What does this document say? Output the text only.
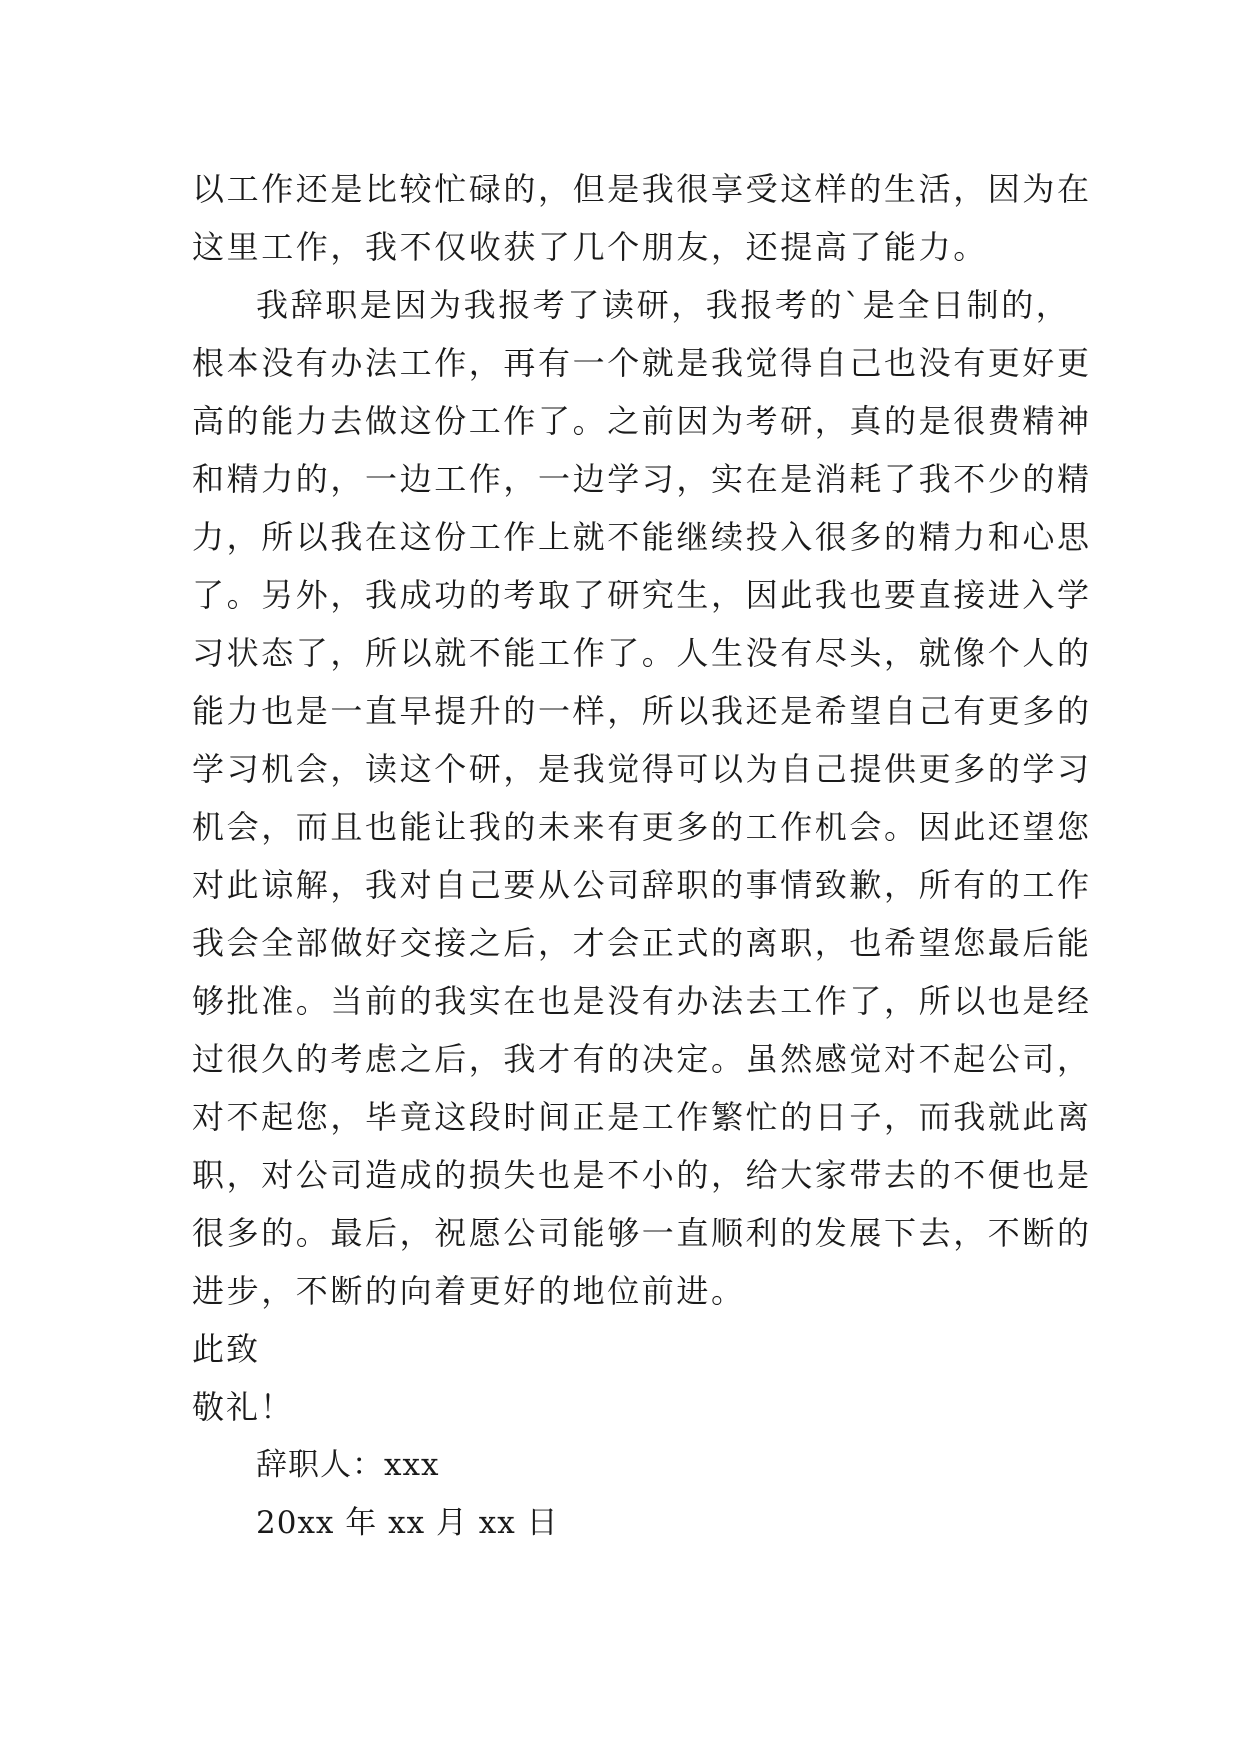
以工作还是比较忙碌的，但是我很享受这样的生活，因为在
这里工作，我不仅收获了几个朋友，还提高了能力。
我辞职是因为我报考了读研，我报考的`是全日制的，
根本没有办法工作，再有一个就是我觉得自己也没有更好更
高的能力去做这份工作了。之前因为考研，真的是很费精神
和精力的，一边工作，一边学习，实在是消耗了我不少的精
力，所以我在这份工作上就不能继续投入很多的精力和心思
了。另外，我成功的考取了研究生，因此我也要直接进入学
习状态了，所以就不能工作了。人生没有尽头，就像个人的
能力也是一直早提升的一样，所以我还是希望自己有更多的
学习机会，读这个研，是我觉得可以为自己提供更多的学习
机会，而且也能让我的未来有更多的工作机会。因此还望您
对此谅解，我对自己要从公司辞职的事情致歉，所有的工作
我会全部做好交接之后，才会正式的离职，也希望您最后能
够批准。当前的我实在也是没有办法去工作了，所以也是经
过很久的考虑之后，我才有的决定。虽然感觉对不起公司，
对不起您，毕竟这段时间正是工作繁忙的日子，而我就此离
职，对公司造成的损失也是不小的，给大家带去的不便也是
很多的。最后，祝愿公司能够一直顺利的发展下去，不断的
进步，不断的向着更好的地位前进。
此致
敬礼！
辞职人：xxx
20xx 年 xx 月 xx 日
